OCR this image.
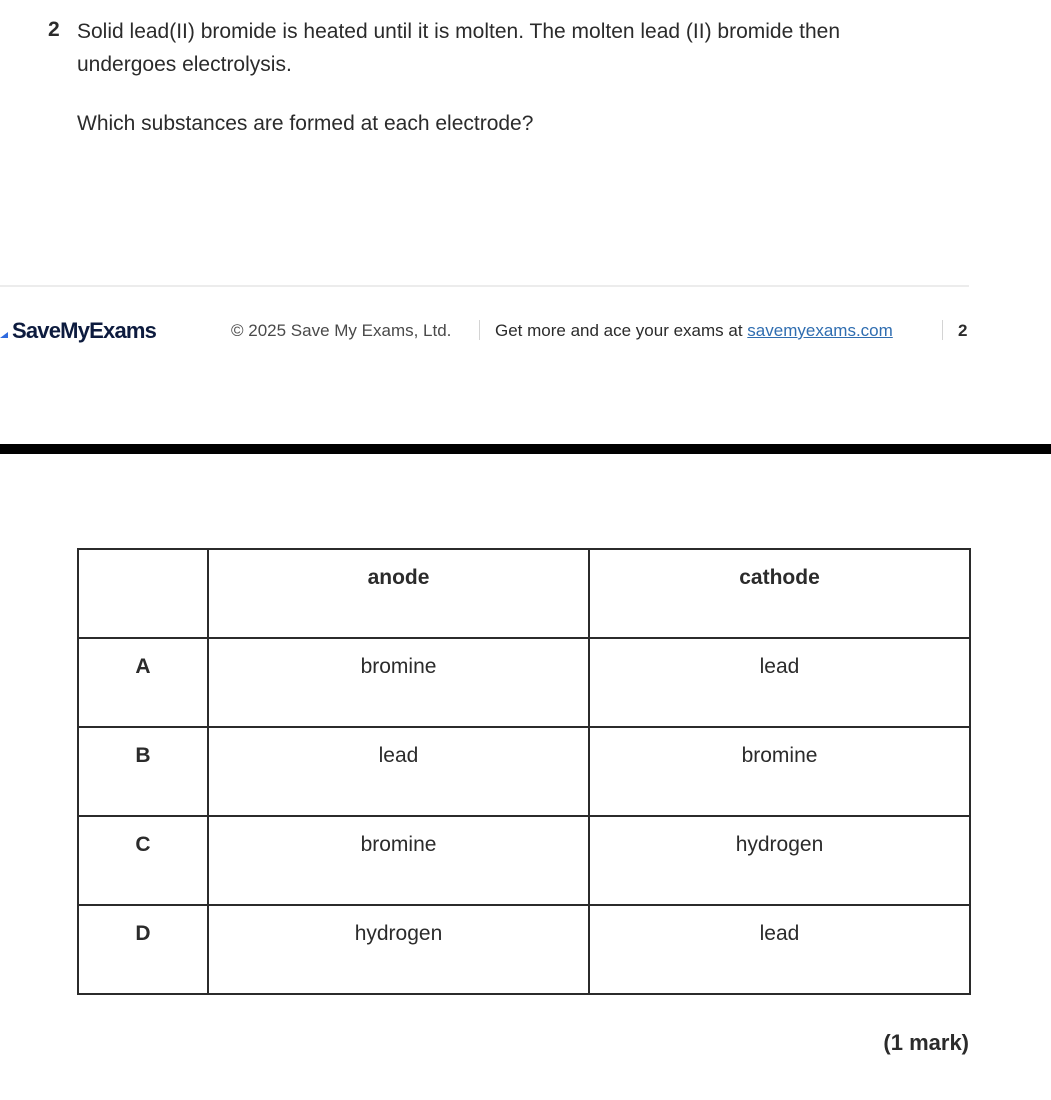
2 Solid lead(II) bromide is heated until it is molten. The molten lead (II) bromide then undergoes electrolysis.
Which substances are formed at each electrode?
SaveMyExams	© 2025 Save My Exams, Ltd.	Get more and ace your exams at savemyexams.com	2
	anode	cathode
A	bromine	lead
B	lead	bromine
C	bromine	hydrogen
D	hydrogen	lead
(1 mark)
